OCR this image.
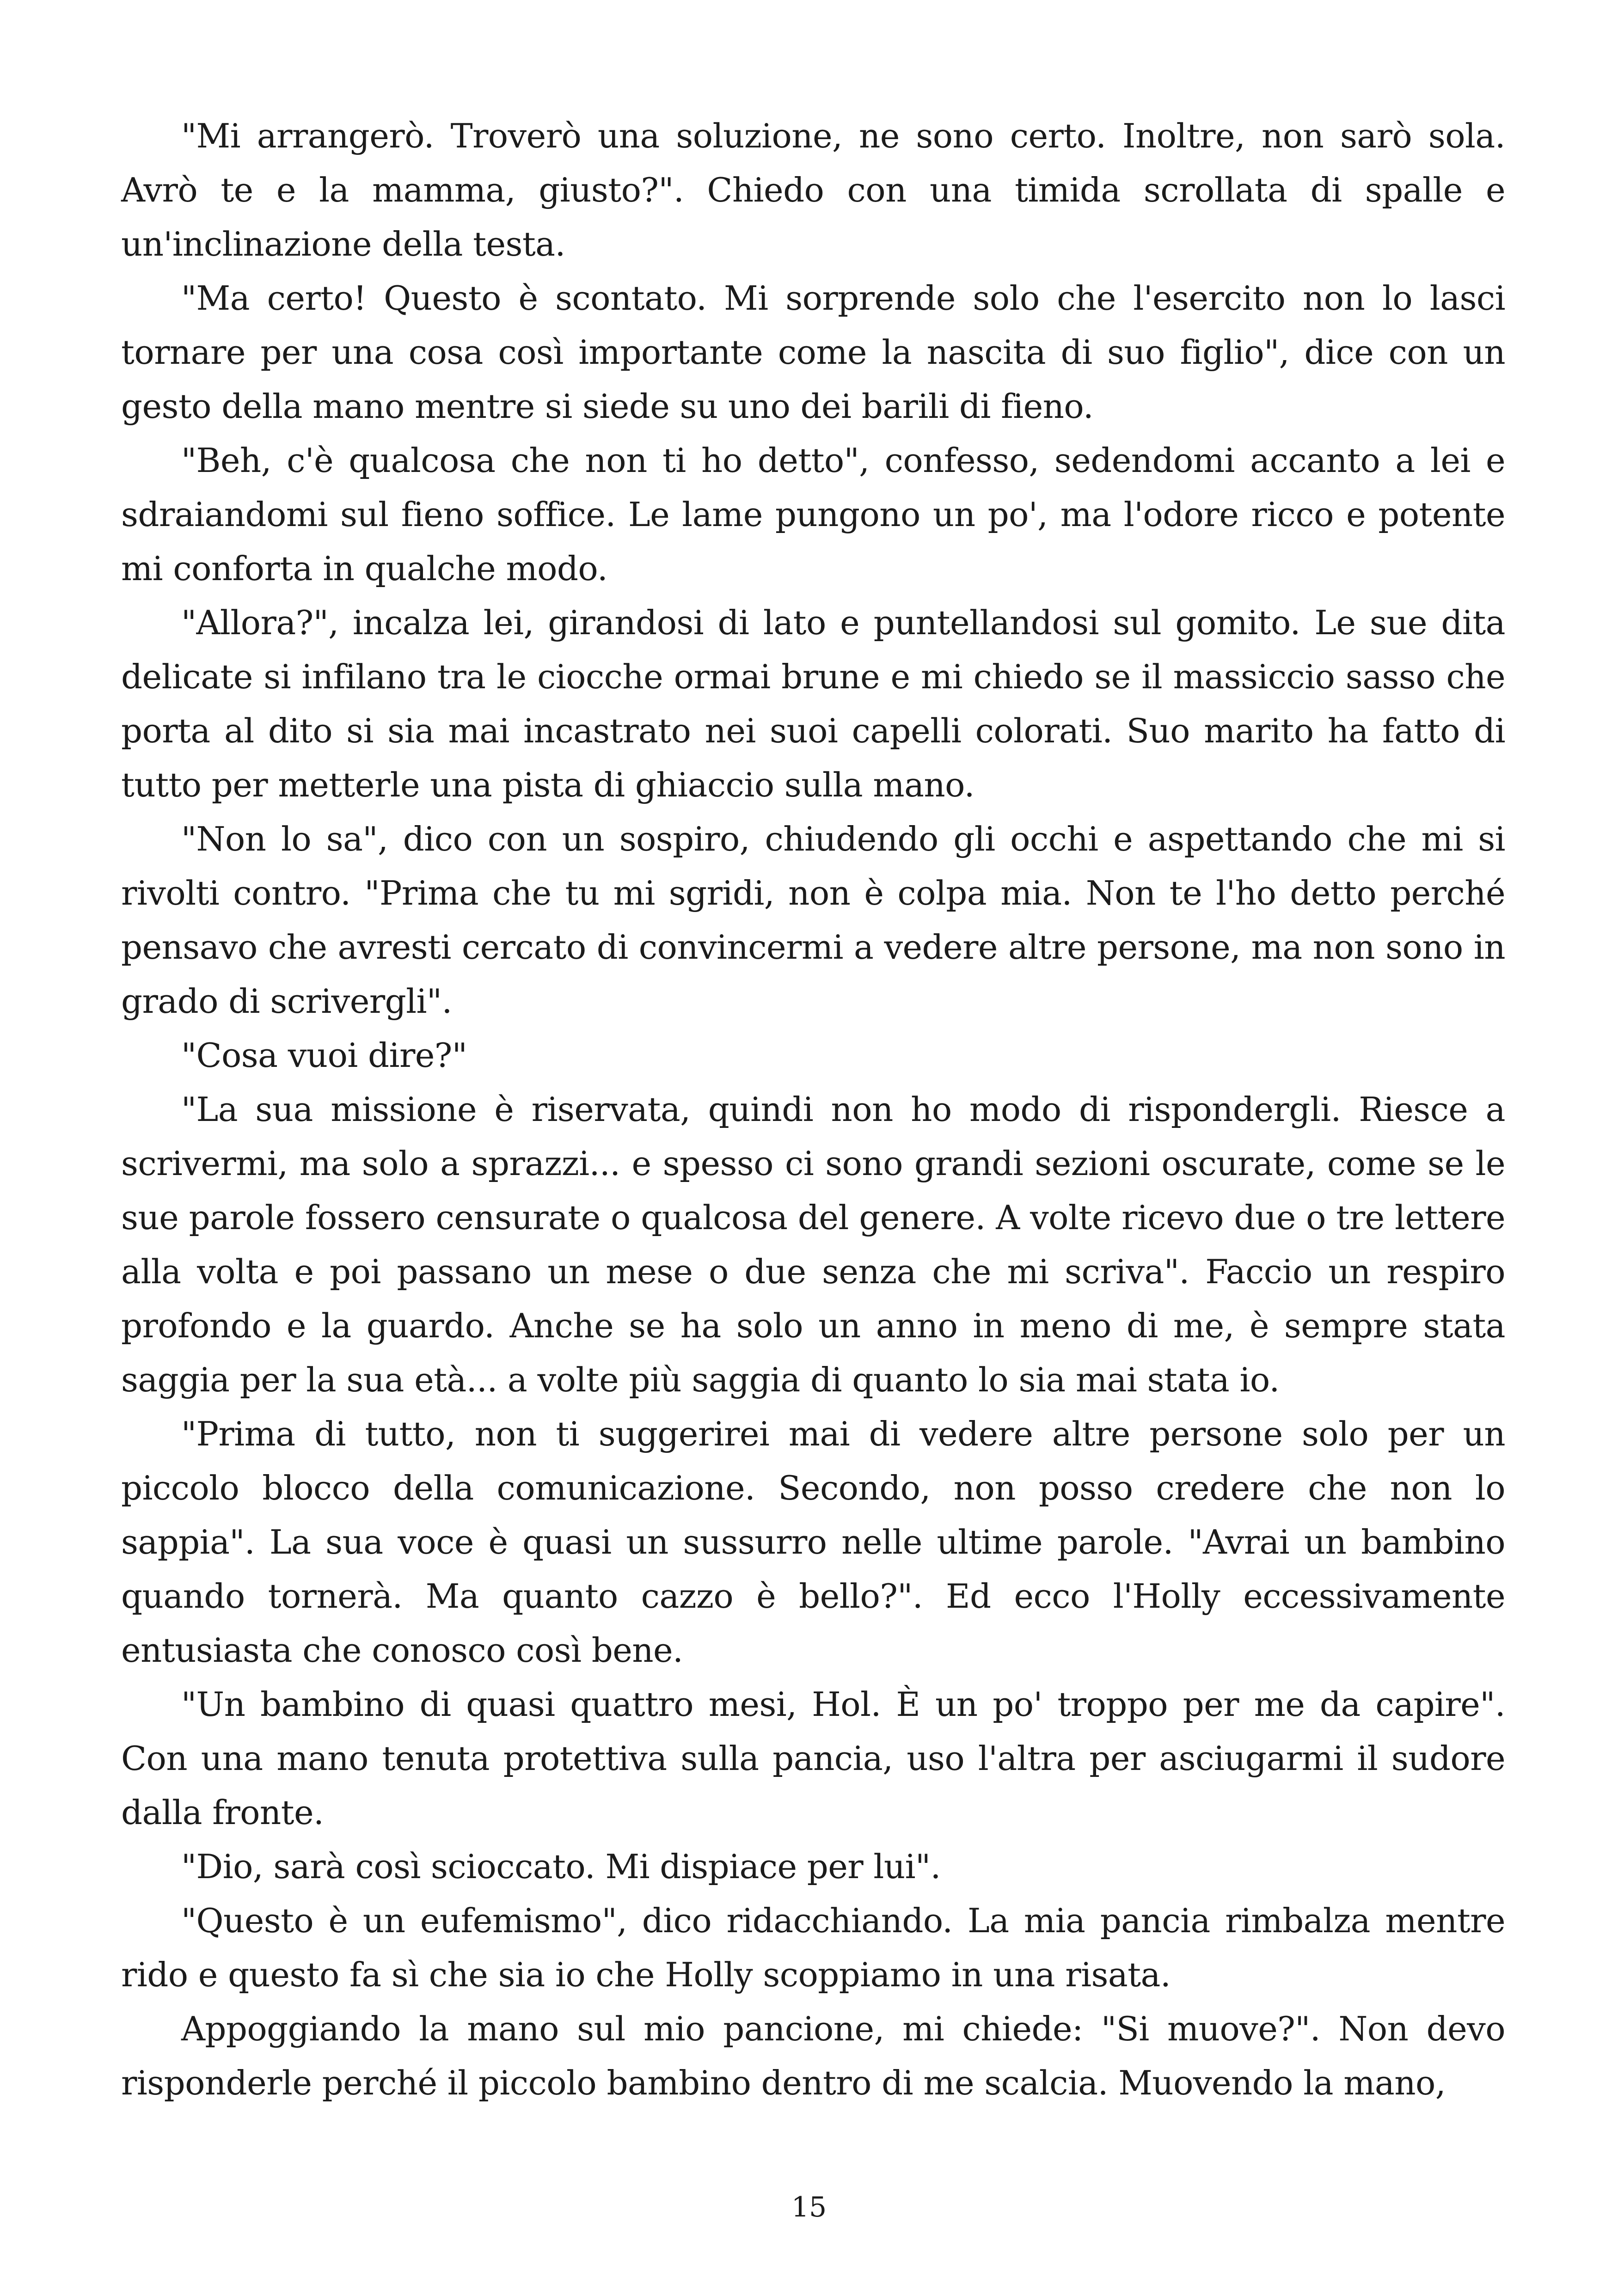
"Mi arrangerò. Troverò una soluzione, ne sono certo. Inoltre, non sarò sola. Avrò te e la mamma, giusto?". Chiedo con una timida scrollata di spalle e un'inclinazione della testa.

"Ma certo! Questo è scontato. Mi sorprende solo che l'esercito non lo lasci tornare per una cosa così importante come la nascita di suo figlio", dice con un gesto della mano mentre si siede su uno dei barili di fieno.

"Beh, c'è qualcosa che non ti ho detto", confesso, sedendomi accanto a lei e sdraiandomi sul fieno soffice. Le lame pungono un po', ma l'odore ricco e potente mi conforta in qualche modo.

"Allora?", incalza lei, girandosi di lato e puntellandosi sul gomito. Le sue dita delicate si infilano tra le ciocche ormai brune e mi chiedo se il massiccio sasso che porta al dito si sia mai incastrato nei suoi capelli colorati. Suo marito ha fatto di tutto per metterle una pista di ghiaccio sulla mano.

"Non lo sa", dico con un sospiro, chiudendo gli occhi e aspettando che mi si rivolti contro. "Prima che tu mi sgridi, non è colpa mia. Non te l'ho detto perché pensavo che avresti cercato di convincermi a vedere altre persone, ma non sono in grado di scrivergli".

"Cosa vuoi dire?"

"La sua missione è riservata, quindi non ho modo di rispondergli. Riesce a scrivermi, ma solo a sprazzi... e spesso ci sono grandi sezioni oscurate, come se le sue parole fossero censurate o qualcosa del genere. A volte ricevo due o tre lettere alla volta e poi passano un mese o due senza che mi scriva". Faccio un respiro profondo e la guardo. Anche se ha solo un anno in meno di me, è sempre stata saggia per la sua età... a volte più saggia di quanto lo sia mai stata io.

"Prima di tutto, non ti suggerirei mai di vedere altre persone solo per un piccolo blocco della comunicazione. Secondo, non posso credere che non lo sappia". La sua voce è quasi un sussurro nelle ultime parole. "Avrai un bambino quando tornerà. Ma quanto cazzo è bello?". Ed ecco l'Holly eccessivamente entusiasta che conosco così bene.

"Un bambino di quasi quattro mesi, Hol. È un po' troppo per me da capire". Con una mano tenuta protettiva sulla pancia, uso l'altra per asciugarmi il sudore dalla fronte.

"Dio, sarà così scioccato. Mi dispiace per lui".

"Questo è un eufemismo", dico ridacchiando. La mia pancia rimbalza mentre rido e questo fa sì che sia io che Holly scoppiamo in una risata.

Appoggiando la mano sul mio pancione, mi chiede: "Si muove?". Non devo risponderle perché il piccolo bambino dentro di me scalcia. Muovendo la mano,

15
